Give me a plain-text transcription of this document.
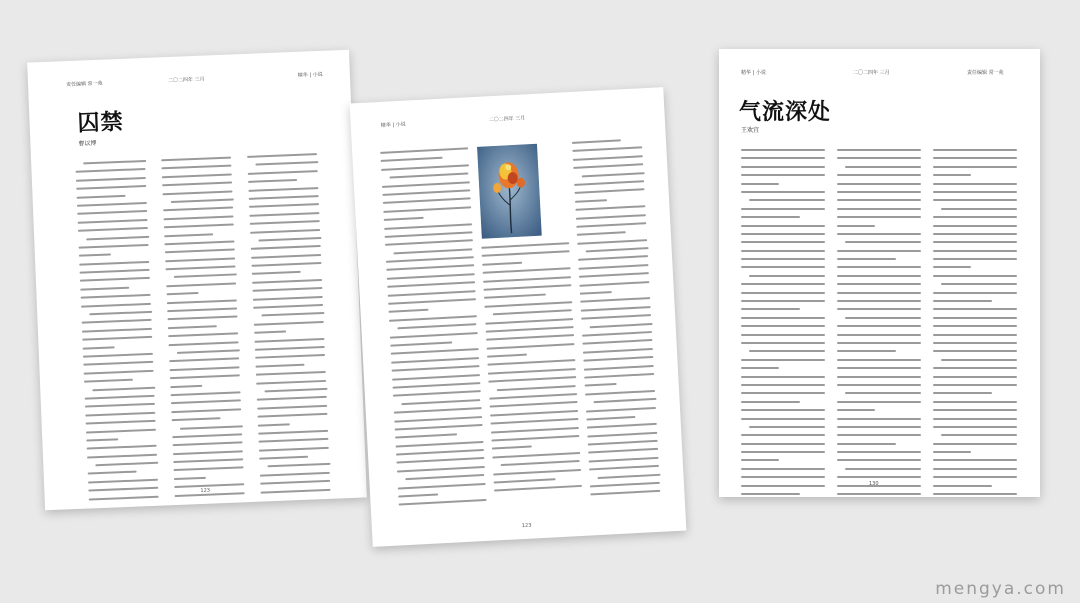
责任编辑 常一苑
二〇二四年 三月
精华 | 小说
囚禁
曹以博
123
精华 | 小说	二〇二四年 三月	责任编辑 常一苑
气流深处
王欢宜
130
精华 | 小说
二〇二四年 三月
123
mengya.com
